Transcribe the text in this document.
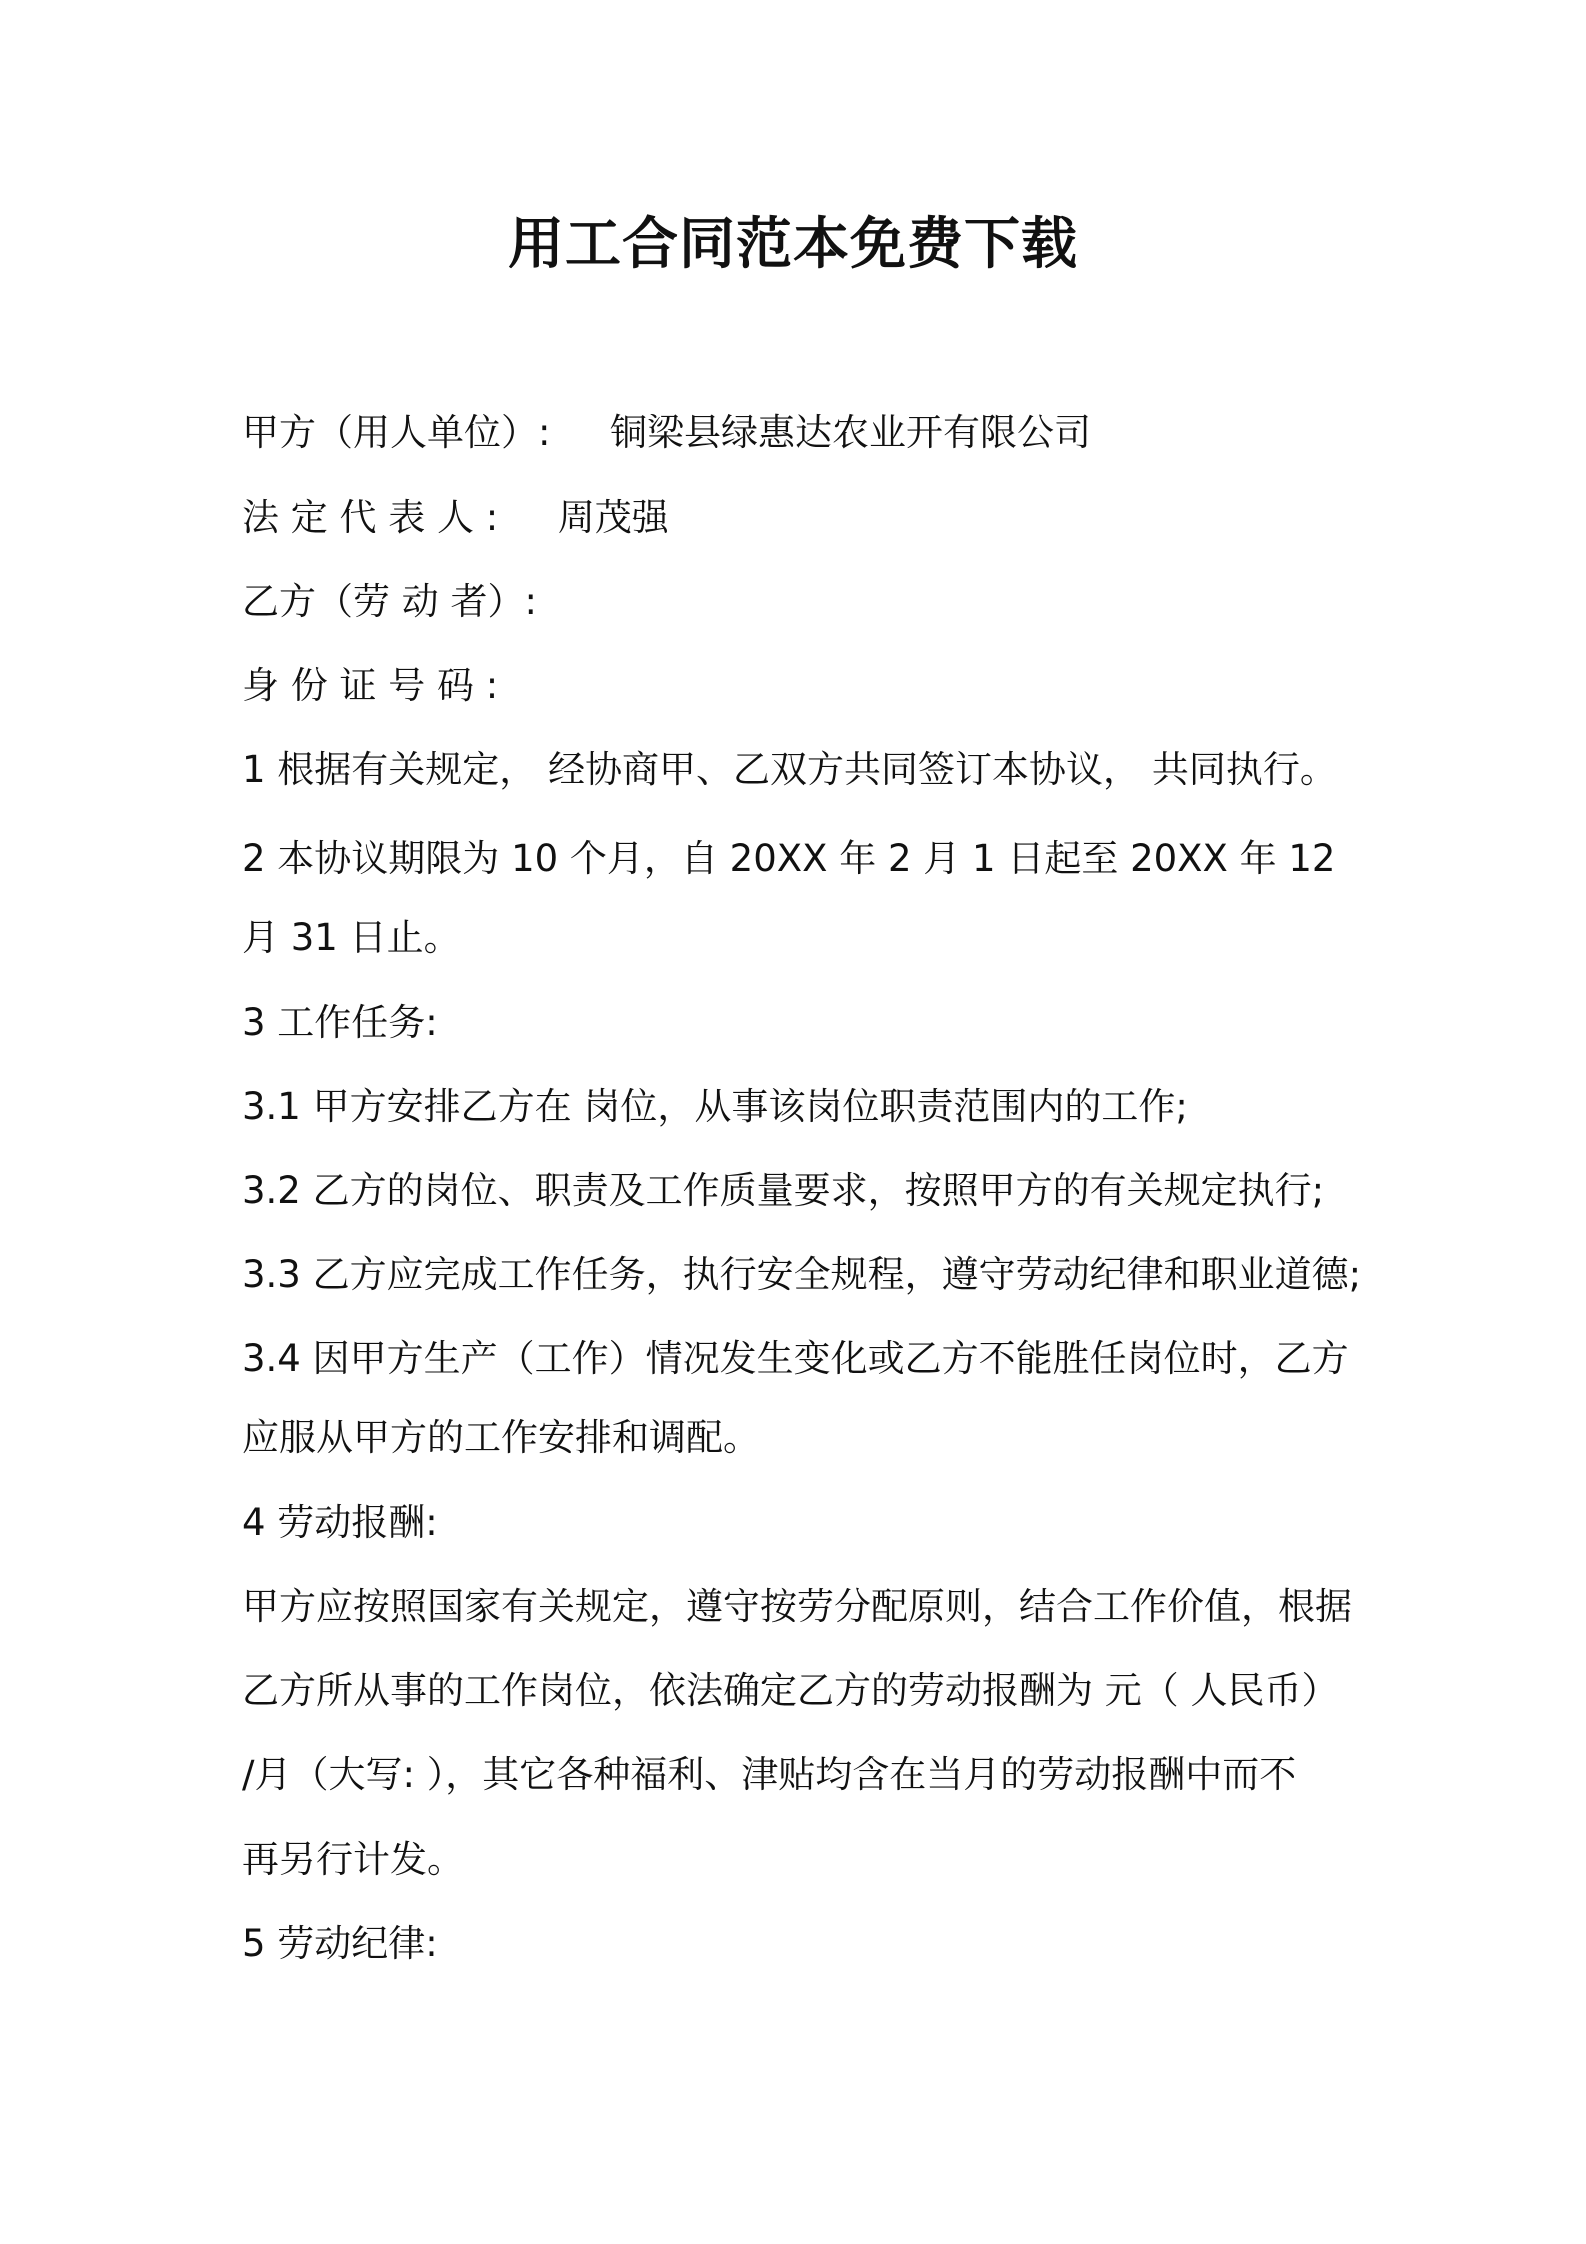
用工合同范本免费下载
甲方（用人单位）: 铜梁县绿惠达农业开有限公司
法 定 代 表 人 : 周茂强
乙方（劳 动 者）:
身 份 证 号 码 :
1 根据有关规定， 经协商甲、乙双方共同签订本协议， 共同执行。
2 本协议期限为 10 个月，自 20XX 年 2 月 1 日起至 20XX 年 12
月 31 日止。
3 工作任务:
3.1 甲方安排乙方在 岗位，从事该岗位职责范围内的工作;
3.2 乙方的岗位、职责及工作质量要求，按照甲方的有关规定执行;
3.3 乙方应完成工作任务，执行安全规程，遵守劳动纪律和职业道德;
3.4 因甲方生产（工作）情况发生变化或乙方不能胜任岗位时，乙方
应服从甲方的工作安排和调配。
4 劳动报酬:
甲方应按照国家有关规定，遵守按劳分配原则，结合工作价值，根据
乙方所从事的工作岗位，依法确定乙方的劳动报酬为 元（ 人民币）
/月（大写: ），其它各种福利、津贴均含在当月的劳动报酬中而不
再另行计发。
5 劳动纪律:
